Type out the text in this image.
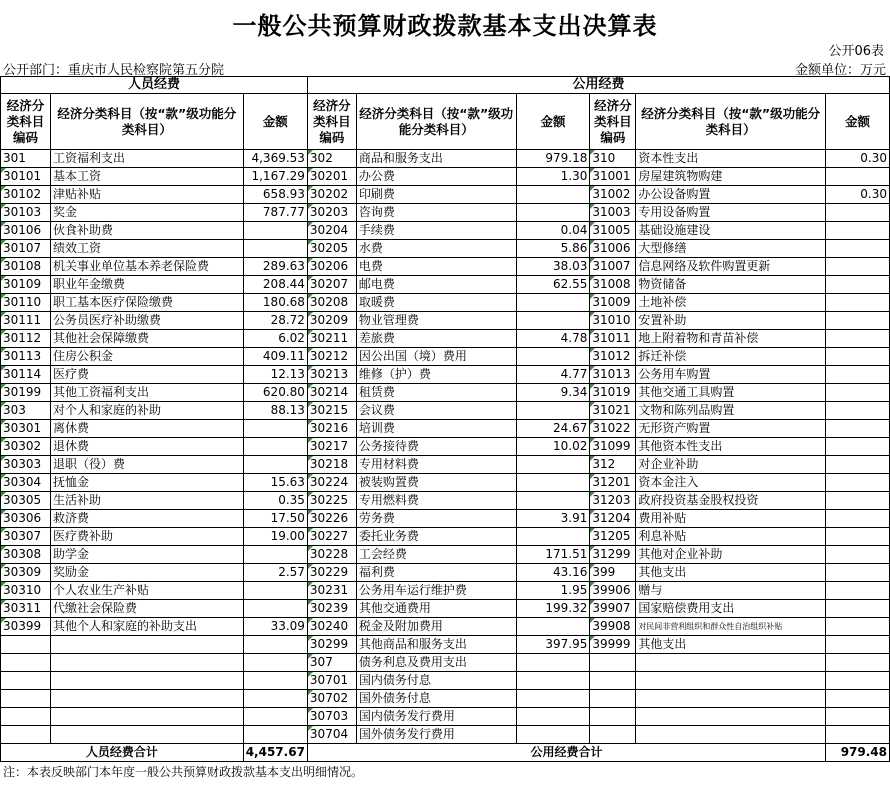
一般公共预算财政拨款基本支出决算表
公开06表
公开部门：重庆市人民检察院第五分院	金额单位：万元
人员经费			公用经费					
经济分类科目编码	经济分类科目（按“款”级功能分类科目）	金额	经济分类科目编码	经济分类科目（按“款”级功能分类科目）	金额	经济分类科目编码	经济分类科目（按“款”级功能分类科目）	金额
301	工资福利支出	4,369.53	302	商品和服务支出	979.18	310	资本性支出	0.30
30101	基本工资	1,167.29	30201	办公费	1.30	31001	房屋建筑物购建	
30102	津贴补贴	658.93	30202	印刷费		31002	办公设备购置	0.30
30103	奖金	787.77	30203	咨询费		31003	专用设备购置	
30106	伙食补助费		30204	手续费	0.04	31005	基础设施建设	
30107	绩效工资		30205	水费	5.86	31006	大型修缮	
30108	机关事业单位基本养老保险费	289.63	30206	电费	38.03	31007	信息网络及软件购置更新	
30109	职业年金缴费	208.44	30207	邮电费	62.55	31008	物资储备	
30110	职工基本医疗保险缴费	180.68	30208	取暖费		31009	土地补偿	
30111	公务员医疗补助缴费	28.72	30209	物业管理费		31010	安置补助	
30112	其他社会保障缴费	6.02	30211	差旅费	4.78	31011	地上附着物和青苗补偿	
30113	住房公积金	409.11	30212	因公出国（境）费用		31012	拆迁补偿	
30114	医疗费	12.13	30213	维修（护）费	4.77	31013	公务用车购置	
30199	其他工资福利支出	620.80	30214	租赁费	9.34	31019	其他交通工具购置	
303	对个人和家庭的补助	88.13	30215	会议费		31021	文物和陈列品购置	
30301	离休费		30216	培训费	24.67	31022	无形资产购置	
30302	退休费		30217	公务接待费	10.02	31099	其他资本性支出	
30303	退职（役）费		30218	专用材料费		312	对企业补助	
30304	抚恤金	15.63	30224	被装购置费		31201	资本金注入	
30305	生活补助	0.35	30225	专用燃料费		31203	政府投资基金股权投资	
30306	救济费	17.50	30226	劳务费	3.91	31204	费用补贴	
30307	医疗费补助	19.00	30227	委托业务费		31205	利息补贴	
30308	助学金		30228	工会经费	171.51	31299	其他对企业补助	
30309	奖励金	2.57	30229	福利费	43.16	399	其他支出	
30310	个人农业生产补贴		30231	公务用车运行维护费	1.95	39906	赠与	
30311	代缴社会保险费		30239	其他交通费用	199.32	39907	国家赔偿费用支出	
30399	其他个人和家庭的补助支出	33.09	30240	税金及附加费用		39908	对民间非营利组织和群众性自治组织补贴	
			30299	其他商品和服务支出	397.95	39999	其他支出	
			307	债务利息及费用支出				
			30701	国内债务付息				
			30702	国外债务付息				
			30703	国内债务发行费用				
			30704	国外债务发行费用				
人员经费合计		4,457.67	公用经费合计					979.48
注：本表反映部门本年度一般公共预算财政拨款基本支出明细情况。
